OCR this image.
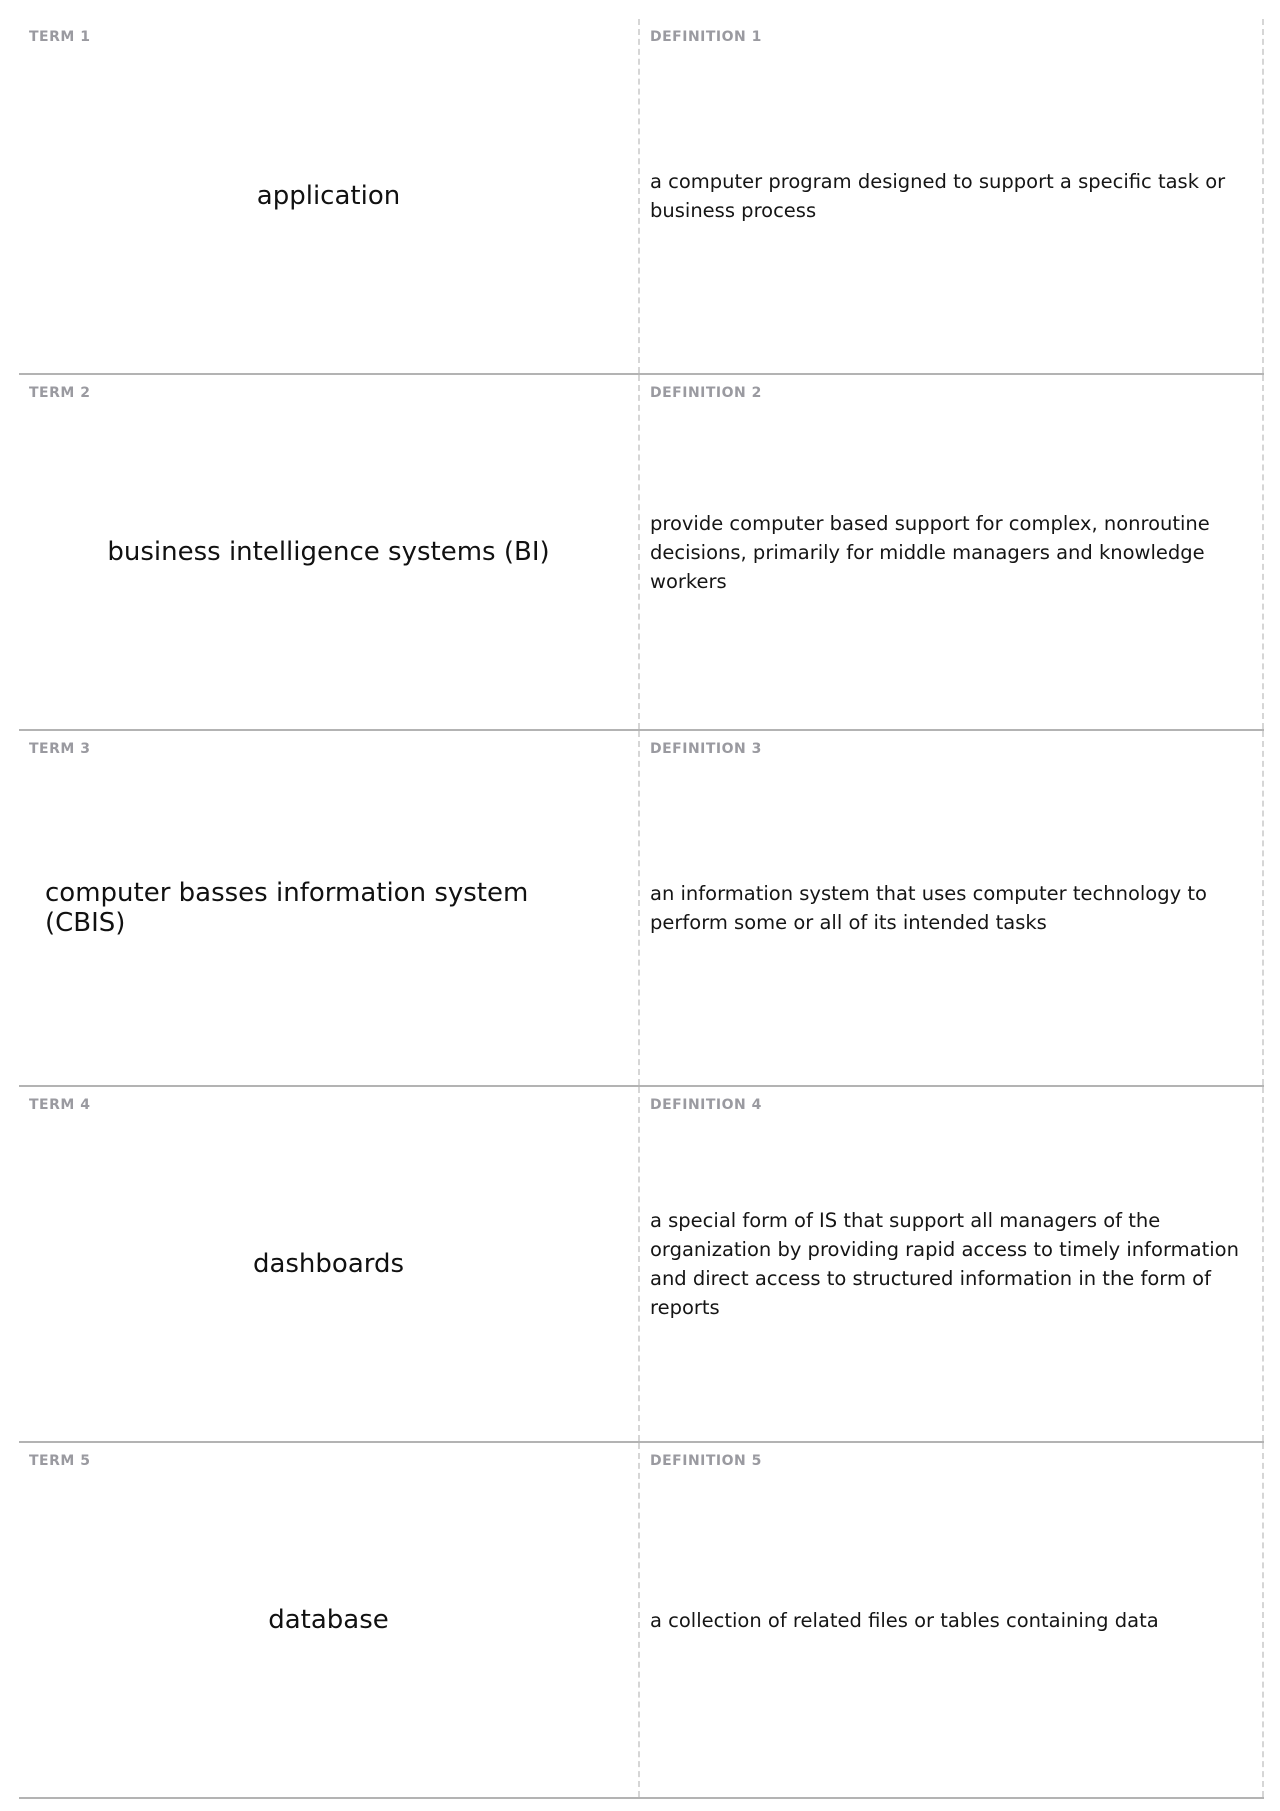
TERM 1
application
DEFINITION 1
a computer program designed to support a specific task or business process
TERM 2
business intelligence systems (BI)
DEFINITION 2
provide computer based support for complex, nonroutine decisions, primarily for middle managers and knowledge workers
TERM 3
computer basses information system (CBIS)
DEFINITION 3
an information system that uses computer technology to perform some or all of its intended tasks
TERM 4
dashboards
DEFINITION 4
a special form of IS that support all managers of the organization by providing rapid access to timely information and direct access to structured information in the form of reports
TERM 5
database
DEFINITION 5
a collection of related files or tables containing data
